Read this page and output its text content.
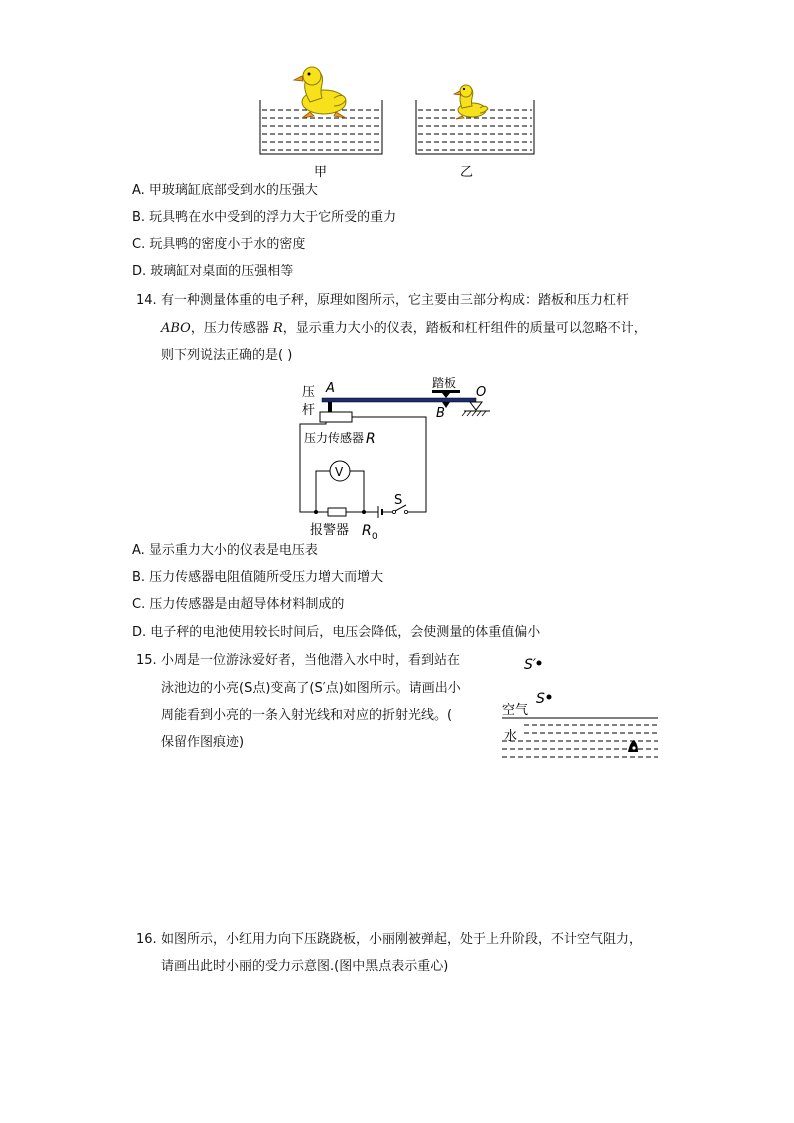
甲	乙
A. 甲玻璃缸底部受到水的压强大
B. 玩具鸭在水中受到的浮力大于它所受的重力
C. 玩具鸭的密度小于水的密度
D. 玻璃缸对桌面的压强相等
14. 有一种测量体重的电子秤，原理如图所示，它主要由三部分构成：踏板和压力杠杆
ABO，压力传感器 R，显示重力大小的仪表，踏板和杠杆组件的质量可以忽略不计，
则下列说法正确的是( )
V
压
杆
A	踏板
O
B
压力传感器 R
S
报警器 R 0
A. 显示重力大小的仪表是电压表
B. 压力传感器电阻值随所受压力增大而增大
C. 压力传感器是由超导体材料制成的
D. 电子秤的电池使用较长时间后，电压会降低，会使测量的体重值偏小
15. 小周是一位游泳爱好者，当他潜入水中时，看到站在
泳池边的小亮(S点)变高了(S′点)如图所示。请画出小
周能看到小亮的一条入射光线和对应的折射光线。(
保留作图痕迹)
S′
S
空气
水
16. 如图所示，小红用力向下压跷跷板，小丽刚被弹起，处于上升阶段，不计空气阻力，
请画出此时小丽的受力示意图.(图中黑点表示重心)
